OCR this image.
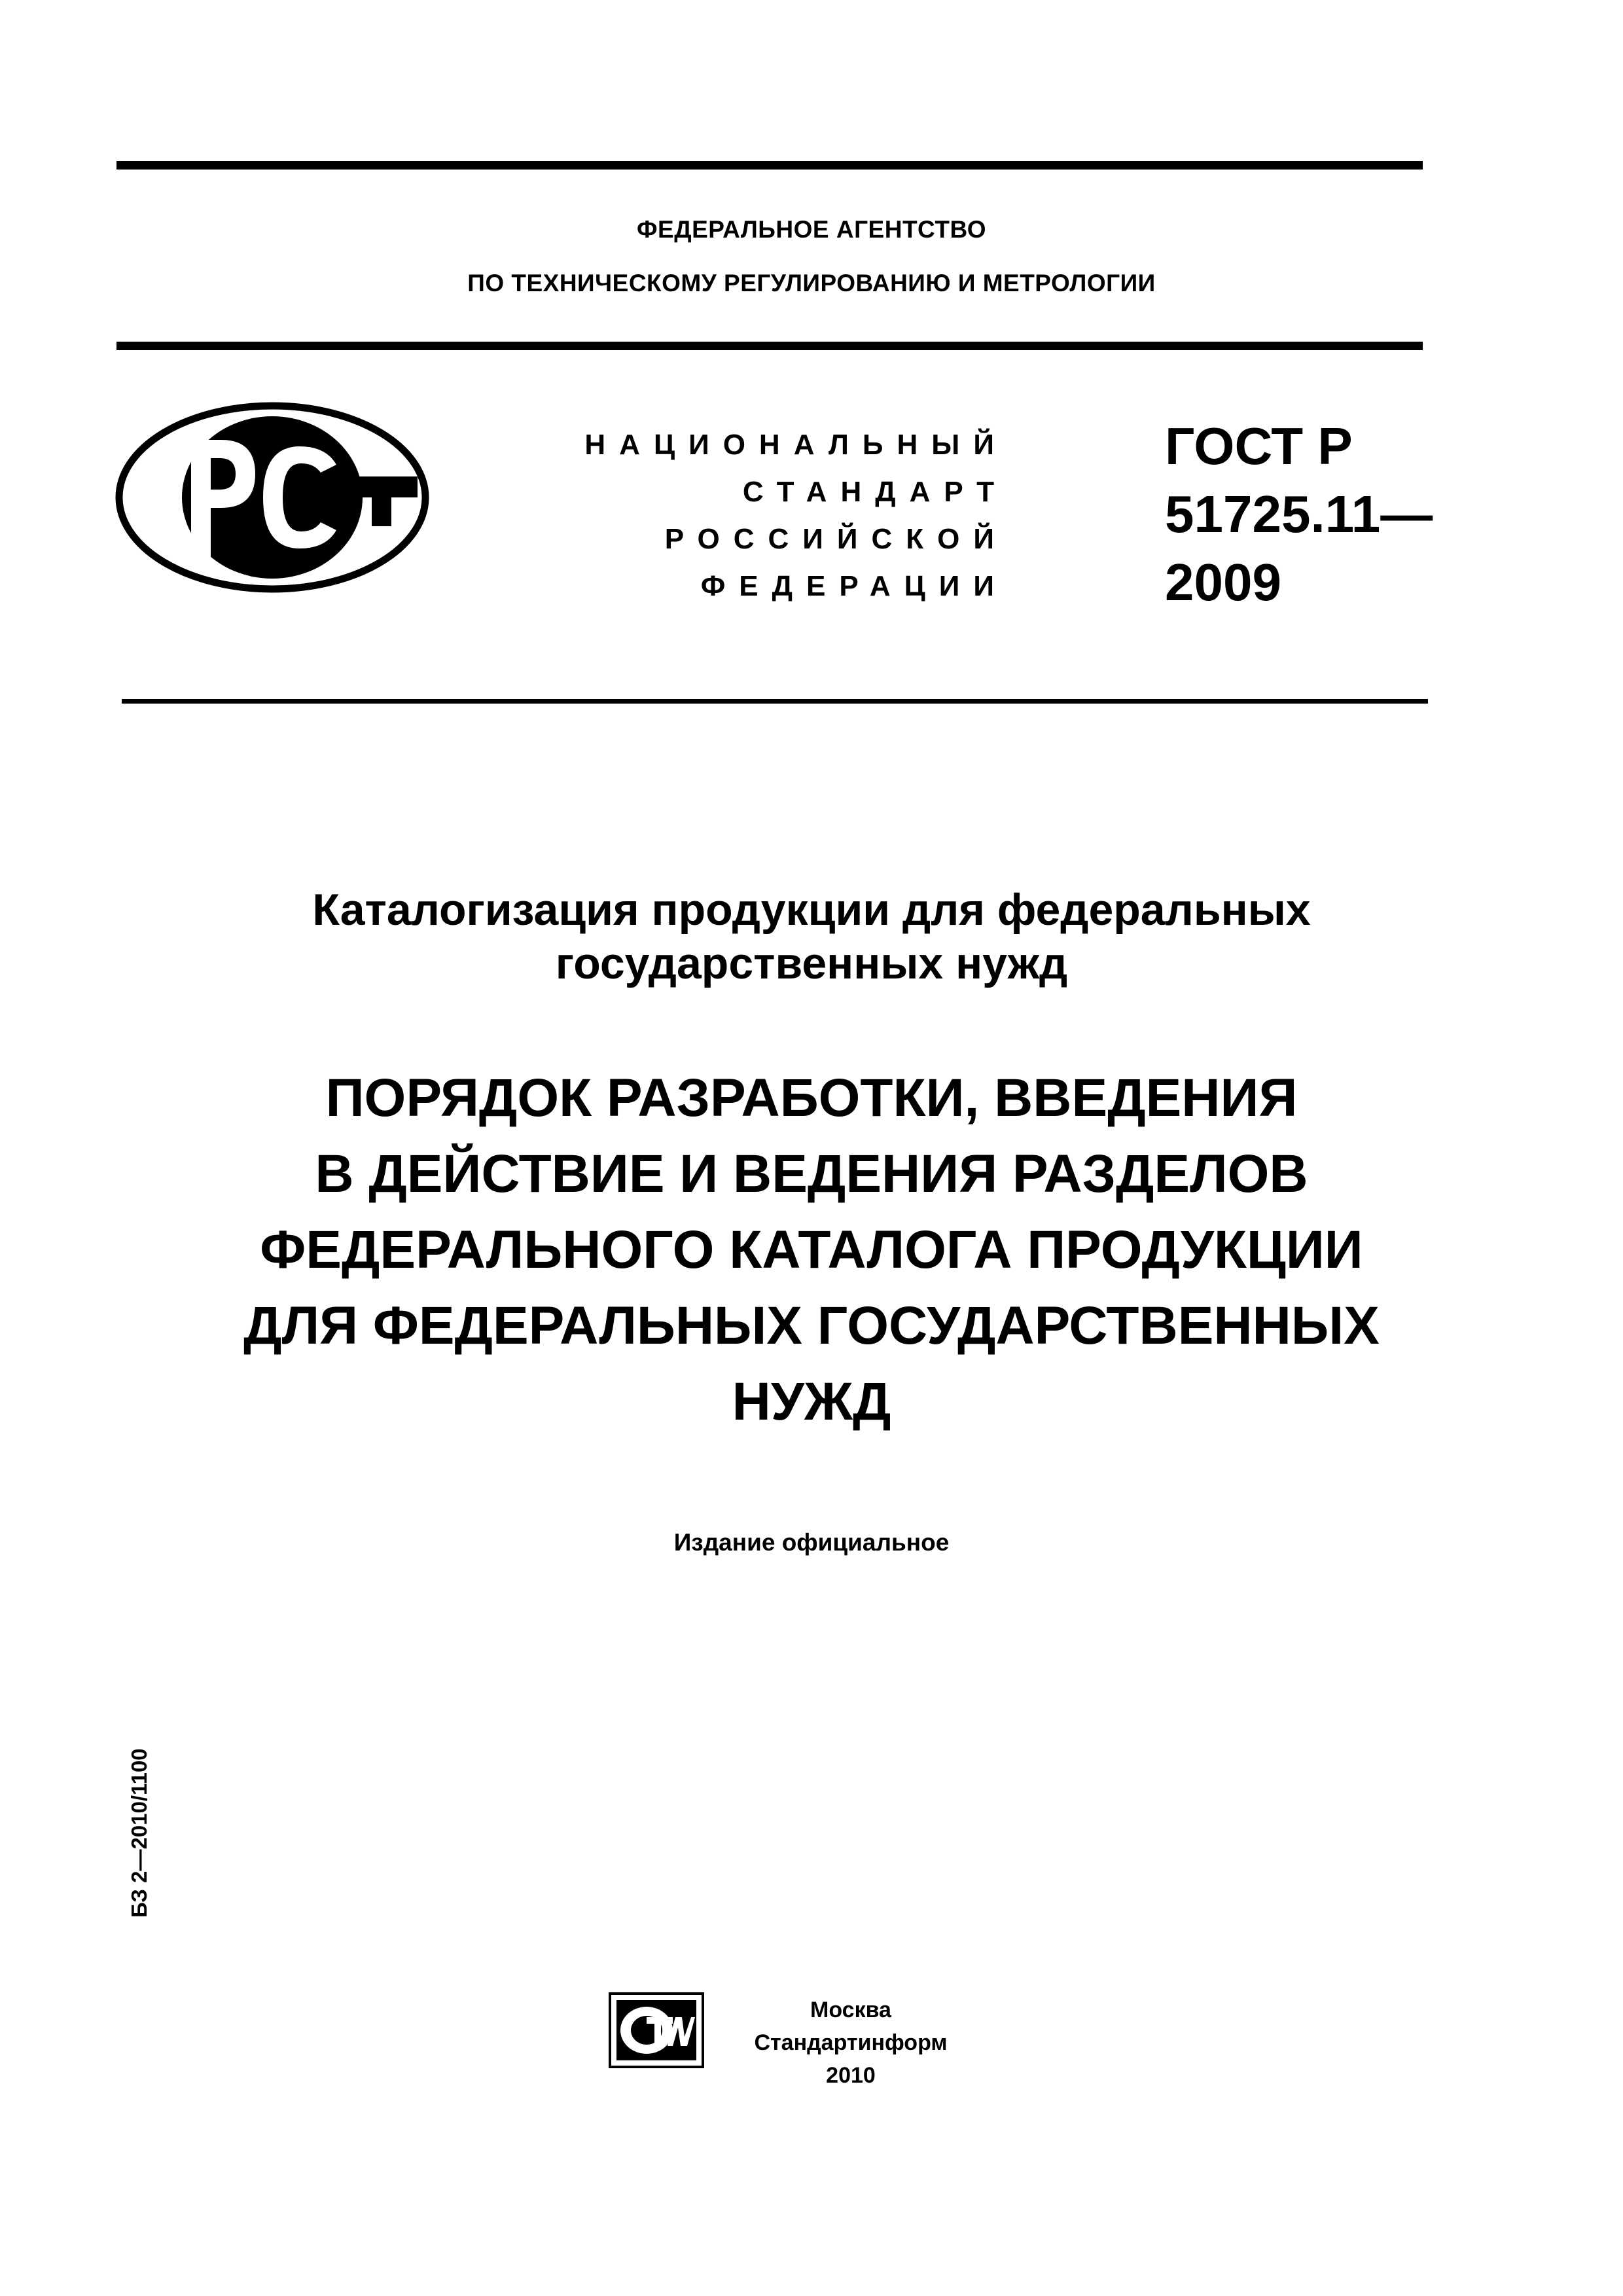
ФЕДЕРАЛЬНОЕ АГЕНТСТВО
ПО ТЕХНИЧЕСКОМУ РЕГУЛИРОВАНИЮ И МЕТРОЛОГИИ
НАЦИОНАЛЬНЫЙ
СТАНДАРТ
РОССИЙСКОЙ
ФЕДЕРАЦИИ
ГОСТ Р
51725.11—
2009
Каталогизация продукции для федеральных
государственных нужд
ПОРЯДОК РАЗРАБОТКИ, ВВЕДЕНИЯ
В ДЕЙСТВИЕ И ВЕДЕНИЯ РАЗДЕЛОВ
ФЕДЕРАЛЬНОГО КАТАЛОГА ПРОДУКЦИИ
ДЛЯ ФЕДЕРАЛЬНЫХ ГОСУДАРСТВЕННЫХ
НУЖД
Издание официальное
БЗ 2—2010/1100
Москва
Стандартинформ
2010
